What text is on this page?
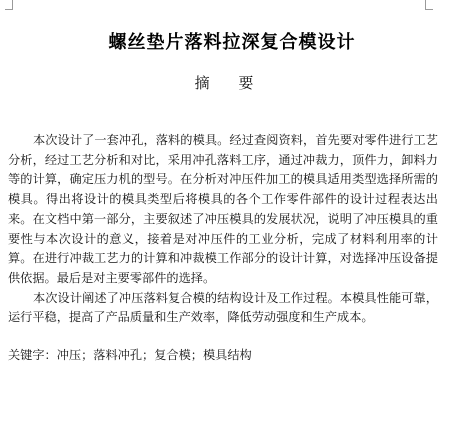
螺丝垫片落料拉深复合模设计
摘 要

本次设计了一套冲孔，落料的模具。经过查阅资料，首先要对零件进行工艺分析，经过工艺分析和对比，采用冲孔落料工序，通过冲裁力，顶件力，卸料力等的计算，确定压力机的型号。在分析对冲压件加工的模具适用类型选择所需的模具。得出将设计的模具类型后将模具的各个工作零件部件的设计过程表达出来。在文档中第一部分，主要叙述了冲压模具的发展状况，说明了冲压模具的重要性与本次设计的意义，接着是对冲压件的工业分析，完成了材料利用率的计算。在进行冲裁工艺力的计算和冲裁模工作部分的设计计算，对选择冲压设备提供依据。最后是对主要零部件的选择。

本次设计阐述了冲压落料复合模的结构设计及工作过程。本模具性能可靠，运行平稳，提高了产品质量和生产效率，降低劳动强度和生产成本。

关键字：冲压；落料冲孔；复合模；模具结构
